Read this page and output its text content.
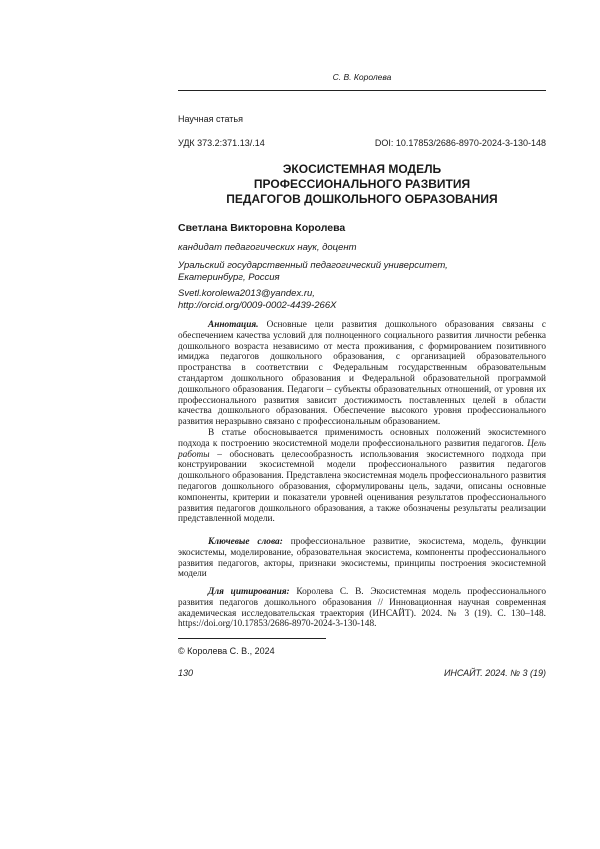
С. В. Королева
Научная статья
УДК 373.2:371.13/.14	DOI: 10.17853/2686-8970-2024-3-130-148
ЭКОСИСТЕМНАЯ МОДЕЛЬ
ПРОФЕССИОНАЛЬНОГО РАЗВИТИЯ
ПЕДАГОГОВ ДОШКОЛЬНОГО ОБРАЗОВАНИЯ
Светлана Викторовна Королева
кандидат педагогических наук, доцент
Уральский государственный педагогический университет,
Екатеринбург, Россия
Svetl.korolewa2013@yandex.ru,
http://orcid.org/0009-0002-4439-266X

Аннотация. Основные цели развития дошкольного образования связаны с обеспечением качества условий для полноценного социального развития личности ребенка дошкольного возраста независимо от места проживания, с формированием позитивного имиджа педагогов дошкольного образования, с организацией образовательного пространства в соответствии с Федеральным государственным образовательным стандартом дошкольного образования и Федеральной образовательной программой дошкольного образования. Педагоги – субъекты образовательных отношений, от уровня их профессионального развития зависит достижимость поставленных целей в области качества дошкольного образования. Обеспечение высокого уровня профессионального развития неразрывно связано с профессиональным образованием.

В статье обосновывается применимость основных положений экосистемного подхода к построению экосистемной модели профессионального развития педагогов. Цель работы – обосновать целесообразность использования экосистемного подхода при конструировании экосистемной модели профессионального развития педагогов дошкольного образования. Представлена экосистемная модель профессионального развития педагогов дошкольного образования, сформулированы цель, задачи, описаны основные компоненты, критерии и показатели уровней оценивания результатов профессионального развития педагогов дошкольного образования, а также обозначены результаты реализации представленной модели.

Ключевые слова: профессиональное развитие, экосистема, модель, функции экосистемы, моделирование, образовательная экосистема, компоненты профессионального развития педагогов, акторы, признаки экосистемы, принципы построения экосистемной модели

Для цитирования: Королева С. В. Экосистемная модель профессионального развития педагогов дошкольного образования // Инновационная научная современная академическая исследовательская траектория (ИНСАЙТ). 2024. № 3 (19). С. 130–148. https://doi.org/10.17853/2686-8970-2024-3-130-148.

© Королева С. В., 2024
130	ИНСАЙТ. 2024. № 3 (19)
